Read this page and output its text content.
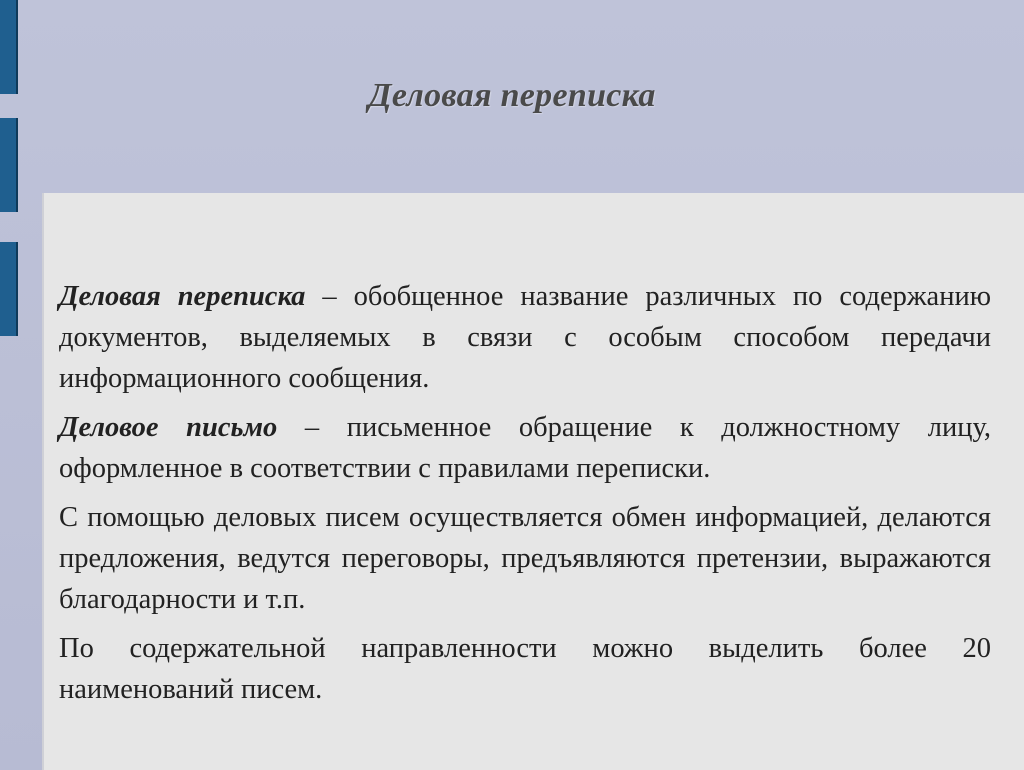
Деловая переписка

Деловая переписка – обобщенное название различных по содержанию документов, выделяемых в связи с особым способом передачи информационного сообщения.

Деловое письмо – письменное обращение к должностному лицу, оформленное в соответствии с правилами переписки.

С помощью деловых писем осуществляется обмен информацией, делаются предложения, ведутся переговоры, предъявляются претензии, выражаются благодарности и т.п.

По содержательной направленности можно выделить более 20 наименований писем.
